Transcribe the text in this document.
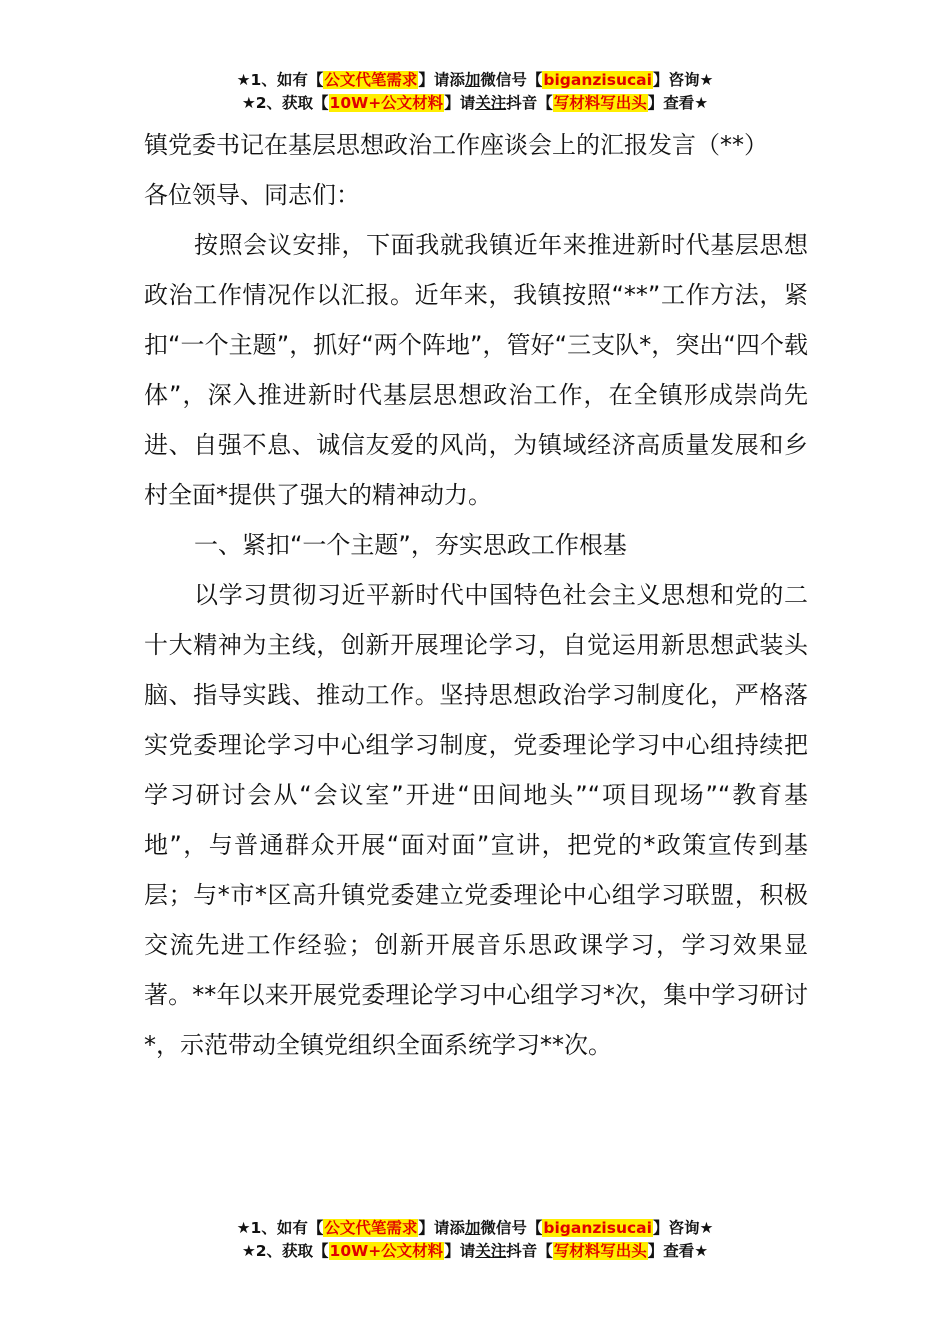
★1、如有【公文代笔需求】请添加微信号【biganzisucai】咨询★
★2、获取【10W+公文材料】请关注抖音【写材料写出头】查看★

镇党委书记在基层思想政治工作座谈会上的汇报发言（**）

各位领导、同志们：

按照会议安排，下面我就我镇近年来推进新时代基层思想政治工作情况作以汇报。近年来，我镇按照“**”工作方法，紧扣“一个主题”，抓好“两个阵地”，管好“三支队*，突出“四个载体”，深入推进新时代基层思想政治工作，在全镇形成崇尚先进、自强不息、诚信友爱的风尚，为镇域经济高质量发展和乡村全面*提供了强大的精神动力。

一、紧扣“一个主题”，夯实思政工作根基

以学习贯彻习近平新时代中国特色社会主义思想和党的二十大精神为主线，创新开展理论学习，自觉运用新思想武装头脑、指导实践、推动工作。坚持思想政治学习制度化，严格落实党委理论学习中心组学习制度，党委理论学习中心组持续把学习研讨会从“会议室”开进“田间地头”“项目现场”“教育基地”，与普通群众开展“面对面”宣讲，把党的*政策宣传到基层；与*市*区高升镇党委建立党委理论中心组学习联盟，积极交流先进工作经验；创新开展音乐思政课学习，学习效果显著。**年以来开展党委理论学习中心组学习*次，集中学习研讨*，示范带动全镇党组织全面系统学习**次。

★1、如有【公文代笔需求】请添加微信号【biganzisucai】咨询★
★2、获取【10W+公文材料】请关注抖音【写材料写出头】查看★
